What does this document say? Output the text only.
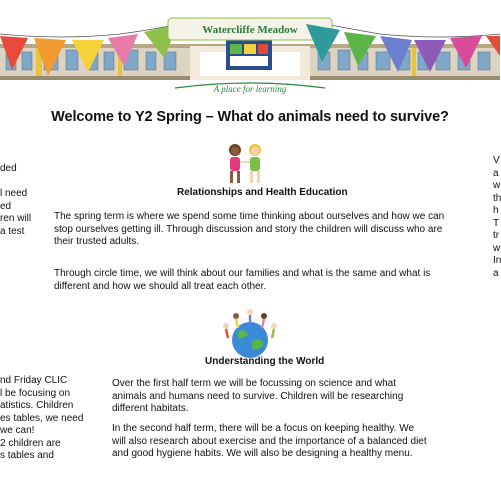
Watercliffe Meadow
A place for learning
Welcome to Y2 Spring – What do animals need to survive?
Relationships and Health Education

The spring term is where we spend some time thinking about ourselves and how we can stop ourselves getting ill. Through discussion and story the children will discuss who are their trusted adults.

Through circle time, we will think about our families and what is the same and what is different and how we should all treat each other.

Understanding the World

Over the first half term we will be focussing on science and what animals and humans need to survive. Children will be researching different habitats.

In the second half term, there will be a focus on keeping healthy. We will also research about exercise and the importance of a balanced diet and good hygiene habits. We will also be designing a healthy menu.

ded

l need
ed
ren will
a test
nd Friday CLIC
l be focusing on
atistics. Children
es tables, we need
we can!
2 children are
s tables and
V
a
w
th
h
T
tr
w
In
a
